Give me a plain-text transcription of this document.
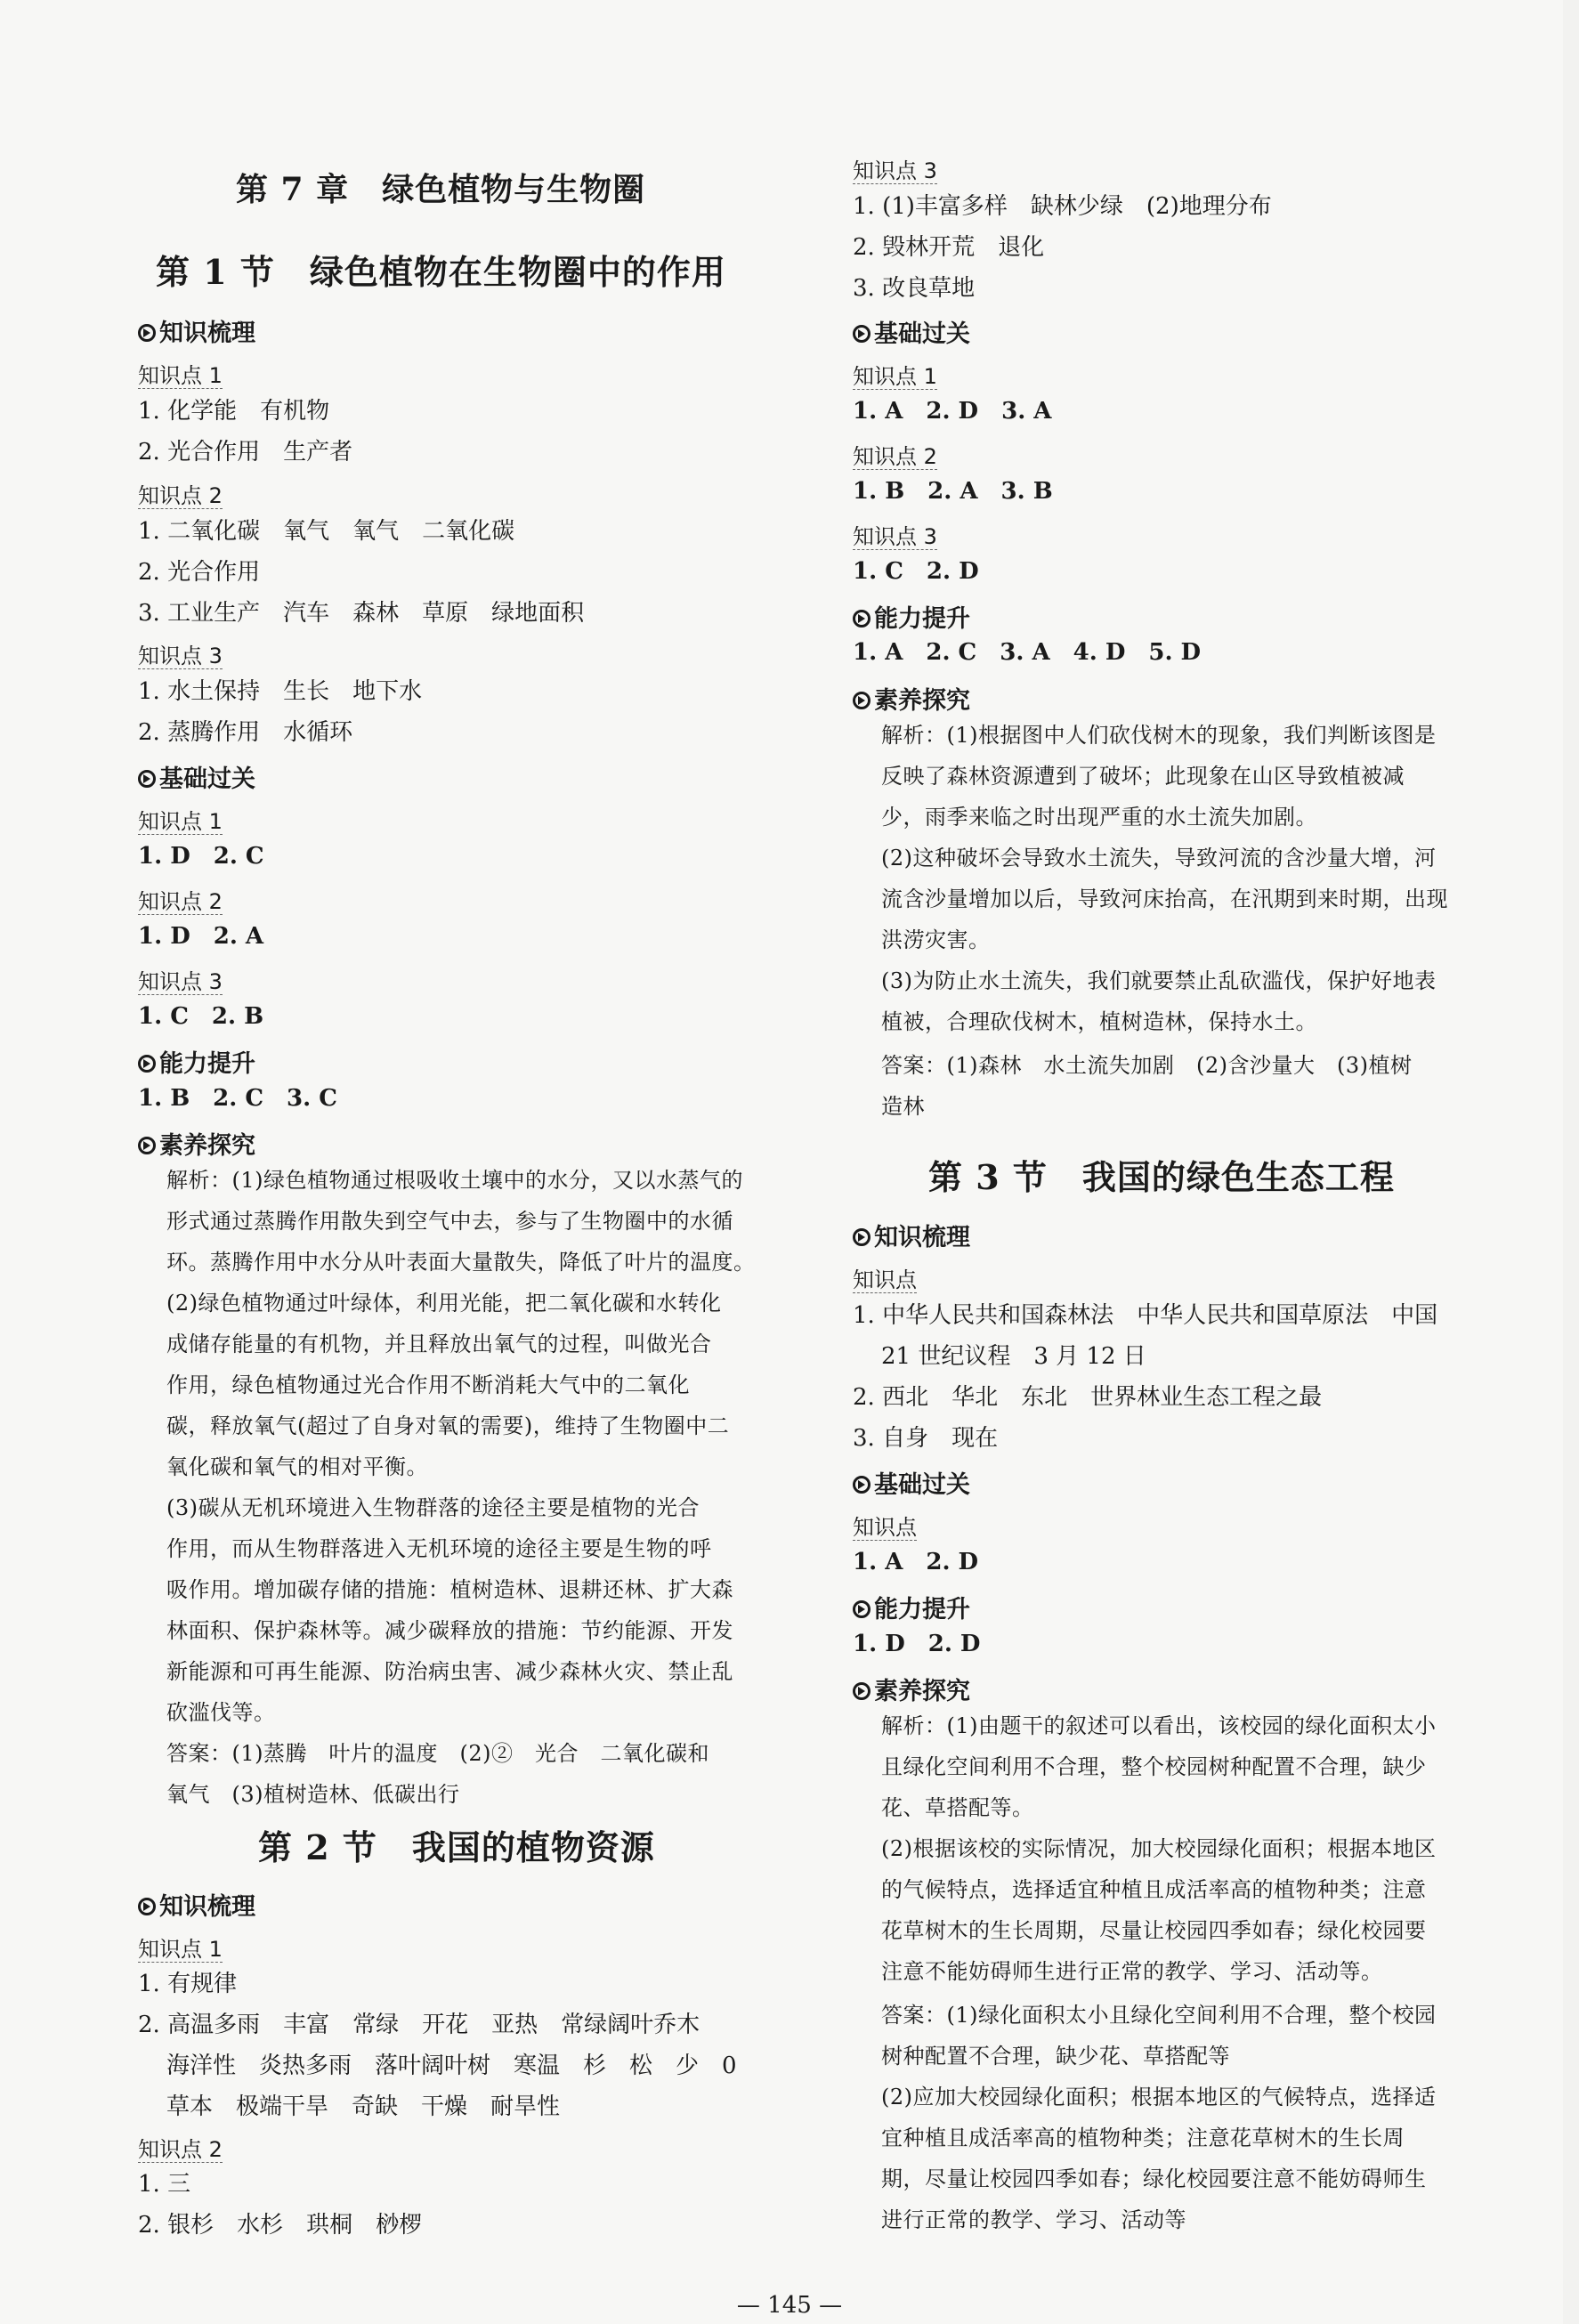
第 7 章　绿色植物与生物圈
第 1 节　绿色植物在生物圈中的作用
知识梳理
知识点 1
1. 化学能　有机物
2. 光合作用　生产者
知识点 2
1. 二氧化碳　氧气　氧气　二氧化碳
2. 光合作用
3. 工业生产　汽车　森林　草原　绿地面积
知识点 3
1. 水土保持　生长　地下水
2. 蒸腾作用　水循环
基础过关
知识点 1
1. D　2. C
知识点 2
1. D　2. A
知识点 3
1. C　2. B
能力提升
1. B　2. C　3. C
素养探究
解析：(1)绿色植物通过根吸收土壤中的水分，又以水蒸气的
形式通过蒸腾作用散失到空气中去，参与了生物圈中的水循
环。蒸腾作用中水分从叶表面大量散失，降低了叶片的温度。
(2)绿色植物通过叶绿体，利用光能，把二氧化碳和水转化
成储存能量的有机物，并且释放出氧气的过程，叫做光合
作用，绿色植物通过光合作用不断消耗大气中的二氧化
碳，释放氧气(超过了自身对氧的需要)，维持了生物圈中二
氧化碳和氧气的相对平衡。
(3)碳从无机环境进入生物群落的途径主要是植物的光合
作用，而从生物群落进入无机环境的途径主要是生物的呼
吸作用。增加碳存储的措施：植树造林、退耕还林、扩大森
林面积、保护森林等。减少碳释放的措施：节约能源、开发
新能源和可再生能源、防治病虫害、减少森林火灾、禁止乱
砍滥伐等。
答案：(1)蒸腾　叶片的温度　(2)②　光合　二氧化碳和
氧气　(3)植树造林、低碳出行
第 2 节　我国的植物资源
知识梳理
知识点 1
1. 有规律
2. 高温多雨　丰富　常绿　开花　亚热　常绿阔叶乔木
海洋性　炎热多雨　落叶阔叶树　寒温　杉　松　少　0
草本　极端干旱　奇缺　干燥　耐旱性
知识点 2
1. 三
2. 银杉　水杉　珙桐　桫椤
知识点 3
1. (1)丰富多样　缺林少绿　(2)地理分布
2. 毁林开荒　退化
3. 改良草地
基础过关
知识点 1
1. A　2. D　3. A
知识点 2
1. B　2. A　3. B
知识点 3
1. C　2. D
能力提升
1. A　2. C　3. A　4. D　5. D
素养探究
解析：(1)根据图中人们砍伐树木的现象，我们判断该图是
反映了森林资源遭到了破坏；此现象在山区导致植被减
少，雨季来临之时出现严重的水土流失加剧。
(2)这种破坏会导致水土流失，导致河流的含沙量大增，河
流含沙量增加以后，导致河床抬高，在汛期到来时期，出现
洪涝灾害。
(3)为防止水土流失，我们就要禁止乱砍滥伐，保护好地表
植被，合理砍伐树木，植树造林，保持水土。
答案：(1)森林　水土流失加剧　(2)含沙量大　(3)植树
造林
第 3 节　我国的绿色生态工程
知识梳理
知识点
1. 中华人民共和国森林法　中华人民共和国草原法　中国
21 世纪议程　3 月 12 日
2. 西北　华北　东北　世界林业生态工程之最
3. 自身　现在
基础过关
知识点
1. A　2. D
能力提升
1. D　2. D
素养探究
解析：(1)由题干的叙述可以看出，该校园的绿化面积太小
且绿化空间利用不合理，整个校园树种配置不合理，缺少
花、草搭配等。
(2)根据该校的实际情况，加大校园绿化面积；根据本地区
的气候特点，选择适宜种植且成活率高的植物种类；注意
花草树木的生长周期，尽量让校园四季如春；绿化校园要
注意不能妨碍师生进行正常的教学、学习、活动等。
答案：(1)绿化面积太小且绿化空间利用不合理，整个校园
树种配置不合理，缺少花、草搭配等
(2)应加大校园绿化面积；根据本地区的气候特点，选择适
宜种植且成活率高的植物种类；注意花草树木的生长周
期，尽量让校园四季如春；绿化校园要注意不能妨碍师生
进行正常的教学、学习、活动等
— 145 —
